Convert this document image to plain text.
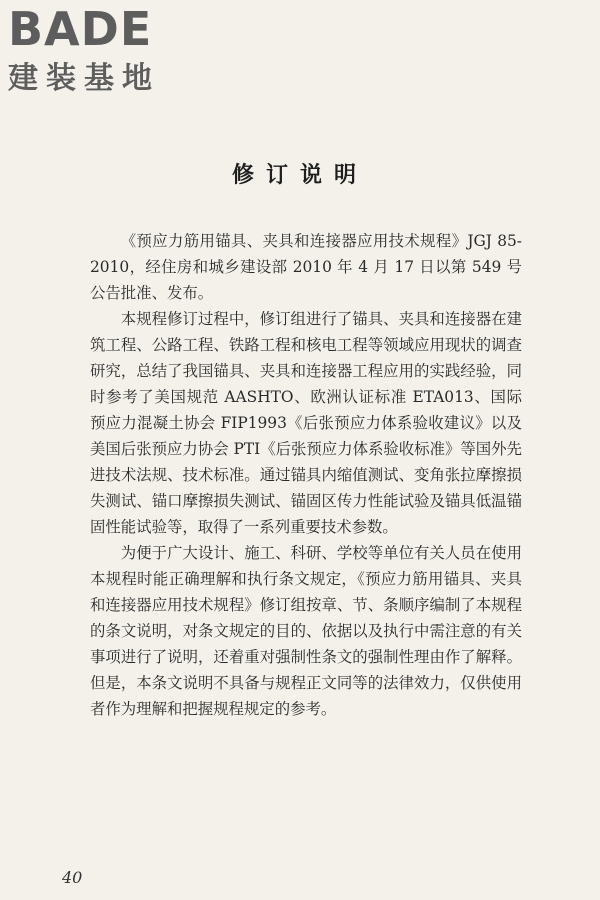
BADE
建装基地
修订说明

《预应力筋用锚具、夹具和连接器应用技术规程》JGJ 85-2010，经住房和城乡建设部 2010 年 4 月 17 日以第 549 号公告批准、发布。

本规程修订过程中，修订组进行了锚具、夹具和连接器在建筑工程、公路工程、铁路工程和核电工程等领域应用现状的调查研究，总结了我国锚具、夹具和连接器工程应用的实践经验，同时参考了美国规范 AASHTO、欧洲认证标准 ETA013、国际预应力混凝土协会 FIP1993《后张预应力体系验收建议》以及美国后张预应力协会 PTI《后张预应力体系验收标准》等国外先进技术法规、技术标准。通过锚具内缩值测试、变角张拉摩擦损失测试、锚口摩擦损失测试、锚固区传力性能试验及锚具低温锚固性能试验等，取得了一系列重要技术参数。

为便于广大设计、施工、科研、学校等单位有关人员在使用本规程时能正确理解和执行条文规定，《预应力筋用锚具、夹具和连接器应用技术规程》修订组按章、节、条顺序编制了本规程的条文说明，对条文规定的目的、依据以及执行中需注意的有关事项进行了说明，还着重对强制性条文的强制性理由作了解释。但是，本条文说明不具备与规程正文同等的法律效力，仅供使用者作为理解和把握规程规定的参考。

40
